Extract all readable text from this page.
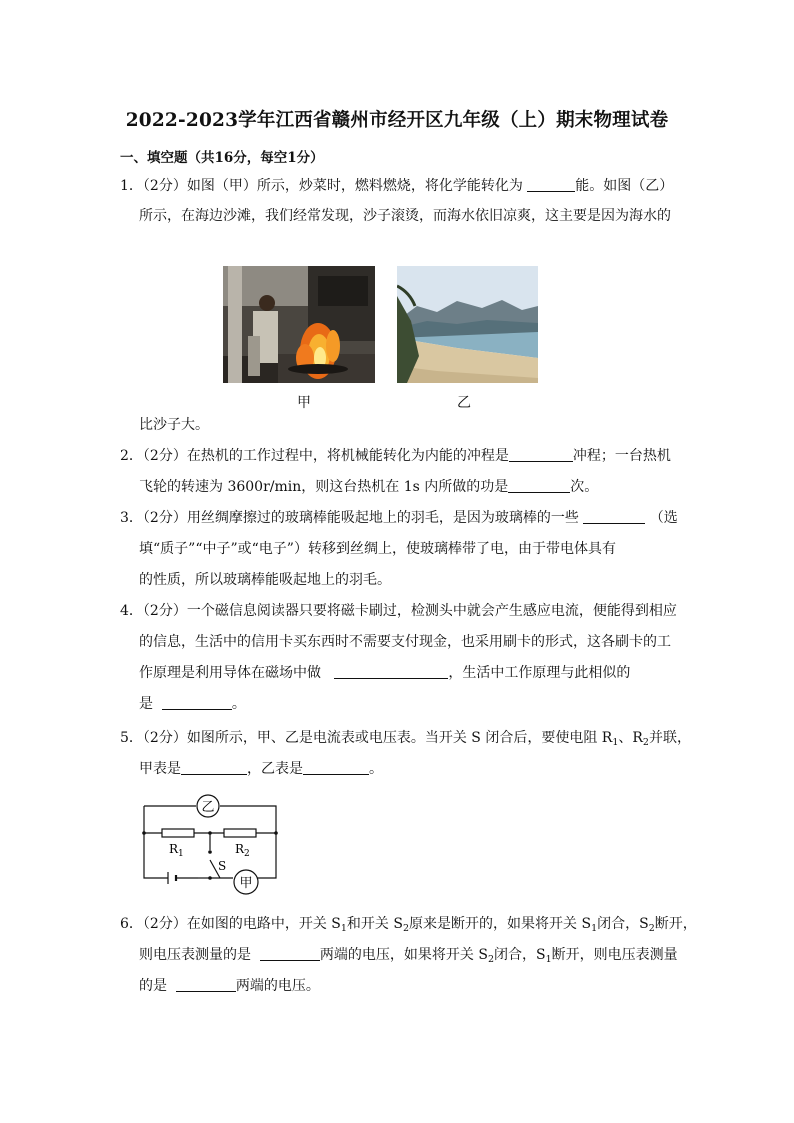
2022-2023学年江西省赣州市经开区九年级（上）期末物理试卷
一、填空题（共16分，每空1分）
1．（2分）如图（甲）所示，炒菜时，燃料燃烧，将化学能转化为	能。如图（乙）
所示，在海边沙滩，我们经常发现，沙子滚烫，而海水依旧凉爽，这主要是因为海水的
甲	乙
比沙子大。
2．（2分）在热机的工作过程中，将机械能转化为内能的冲程是	冲程；一台热机
飞轮的转速为 3600r/min，则这台热机在 1s 内所做的功是	次。
3．（2分）用丝绸摩擦过的玻璃棒能吸起地上的羽毛，是因为玻璃棒的一些	（选
填“质子”“中子”或“电子”）转移到丝绸上，使玻璃棒带了电，由于带电体具有
的性质，所以玻璃棒能吸起地上的羽毛。
4．（2分）一个磁信息阅读器只要将磁卡刷过，检测头中就会产生感应电流，便能得到相应
的信息，生活中的信用卡买东西时不需要支付现金，也采用刷卡的形式，这各刷卡的工
作原理是利用导体在磁场中做	，生活中工作原理与此相似的
是	。
5．（2分）如图所示，甲、乙是电流表或电压表。当开关 S 闭合后，要使电阻 $R_1$、$R_2$并联，
甲表是	，乙表是	。
乙
甲
$R_1$	$R_2$
S
6．（2分）在如图的电路中，开关 $S_1$和开关 $S_2$原来是断开的，如果将开关 $S_1$闭合，$S_2$断开，
则电压表测量的是	两端的电压，如果将开关 $S_2$闭合，$S_1$断开，则电压表测量
的是	两端的电压。
